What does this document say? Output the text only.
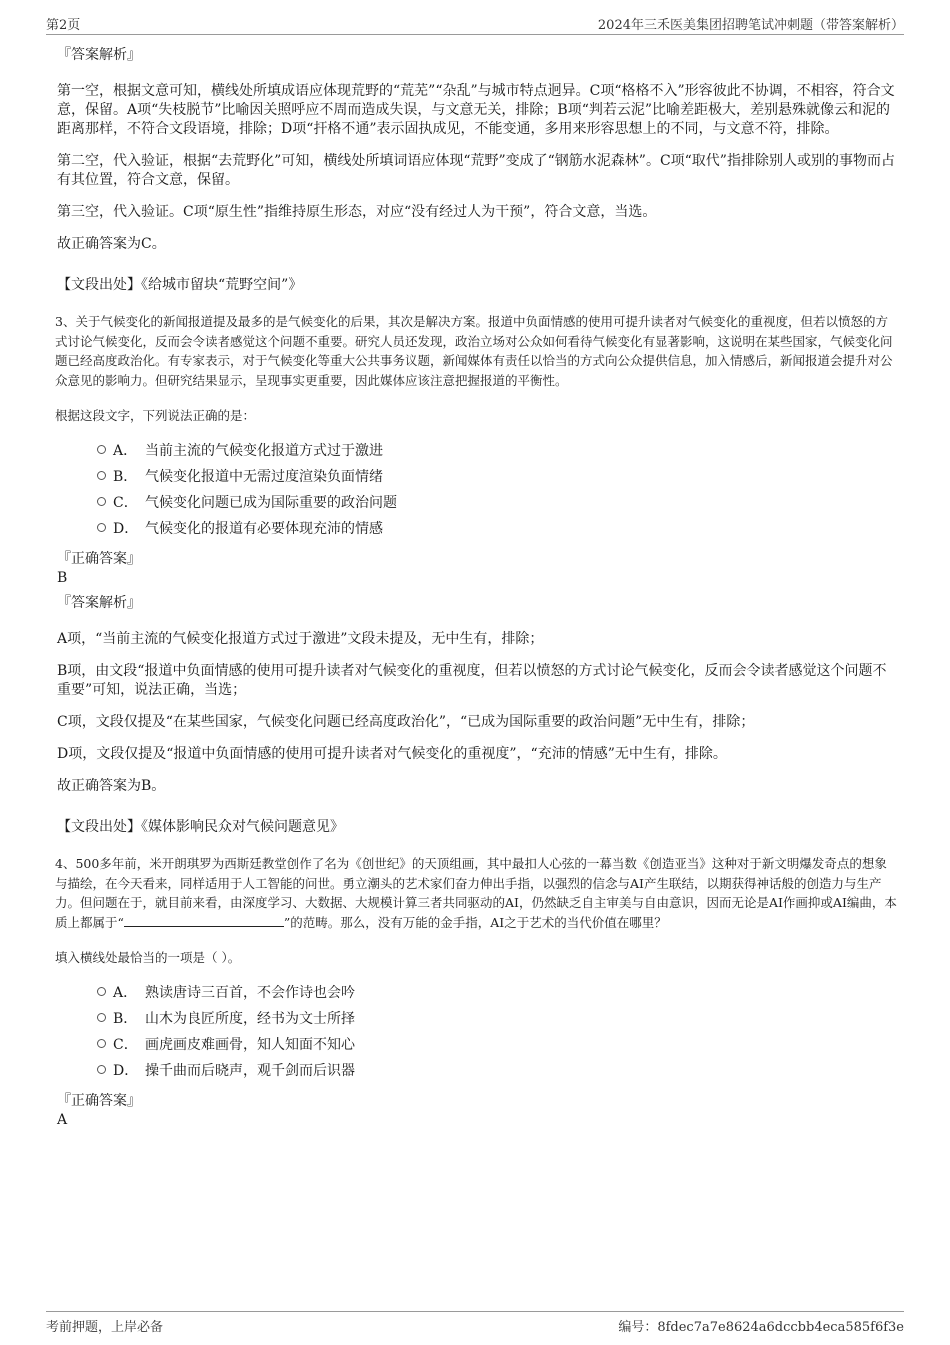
第2页	2024年三禾医美集团招聘笔试冲刺题（带答案解析）
『答案解析』

第一空，根据文意可知，横线处所填成语应体现荒野的“荒芜”“杂乱”与城市特点迥异。C项“格格不入”形容彼此不协调，不相容，符合文意，保留。A项“失枝脱节”比喻因关照呼应不周而造成失误，与文意无关，排除；B项“判若云泥”比喻差距极大，差别悬殊就像云和泥的距离那样，不符合文段语境，排除；D项“扞格不通”表示固执成见，不能变通，多用来形容思想上的不同，与文意不符，排除。

第二空，代入验证，根据“去荒野化”可知，横线处所填词语应体现“荒野”变成了“钢筋水泥森林”。C项“取代”指排除别人或别的事物而占有其位置，符合文意，保留。

第三空，代入验证。C项“原生性”指维持原生形态，对应“没有经过人为干预”，符合文意，当选。

故正确答案为C。

【文段出处】《给城市留块“荒野空间”》

3、关于气候变化的新闻报道提及最多的是气候变化的后果，其次是解决方案。报道中负面情感的使用可提升读者对气候变化的重视度，但若以愤怒的方式讨论气候变化，反而会令读者感觉这个问题不重要。研究人员还发现，政治立场对公众如何看待气候变化有显著影响，这说明在某些国家，气候变化问题已经高度政治化。有专家表示，对于气候变化等重大公共事务议题，新闻媒体有责任以恰当的方式向公众提供信息，加入情感后，新闻报道会提升对公众意见的影响力。但研究结果显示，呈现事实更重要，因此媒体应该注意把握报道的平衡性。

根据这段文字，下列说法正确的是：
A． 当前主流的气候变化报道方式过于激进
B． 气候变化报道中无需过度渲染负面情绪
C． 气候变化问题已成为国际重要的政治问题
D． 气候变化的报道有必要体现充沛的情感
『正确答案』
B
『答案解析』

A项，“当前主流的气候变化报道方式过于激进”文段未提及，无中生有，排除；

B项，由文段“报道中负面情感的使用可提升读者对气候变化的重视度，但若以愤怒的方式讨论气候变化，反而会令读者感觉这个问题不重要”可知，说法正确，当选；

C项，文段仅提及“在某些国家，气候变化问题已经高度政治化”，“已成为国际重要的政治问题”无中生有，排除；

D项，文段仅提及“报道中负面情感的使用可提升读者对气候变化的重视度”，“充沛的情感”无中生有，排除。

故正确答案为B。

【文段出处】《媒体影响民众对气候问题意见》

4、500多年前，米开朗琪罗为西斯廷教堂创作了名为《创世纪》的天顶组画，其中最扣人心弦的一幕当数《创造亚当》这种对于新文明爆发奇点的想象与描绘，在今天看来，同样适用于人工智能的问世。勇立潮头的艺术家们奋力伸出手指，以强烈的信念与AI产生联结，以期获得神话般的创造力与生产力。但问题在于，就目前来看，由深度学习、大数据、大规模计算三者共同驱动的AI，仍然缺乏自主审美与自由意识，因而无论是AI作画抑或AI编曲，本质上都属于“	”的范畴。那么，没有万能的金手指，AI之于艺术的当代价值在哪里？

填入横线处最恰当的一项是（ ）。
A． 熟读唐诗三百首，不会作诗也会吟
B． 山木为良匠所度，经书为文士所择
C． 画虎画皮难画骨，知人知面不知心
D． 操千曲而后晓声，观千剑而后识器
『正确答案』
A
考前押题，上岸必备	编号：8fdec7a7e8624a6dccbb4eca585f6f3e
